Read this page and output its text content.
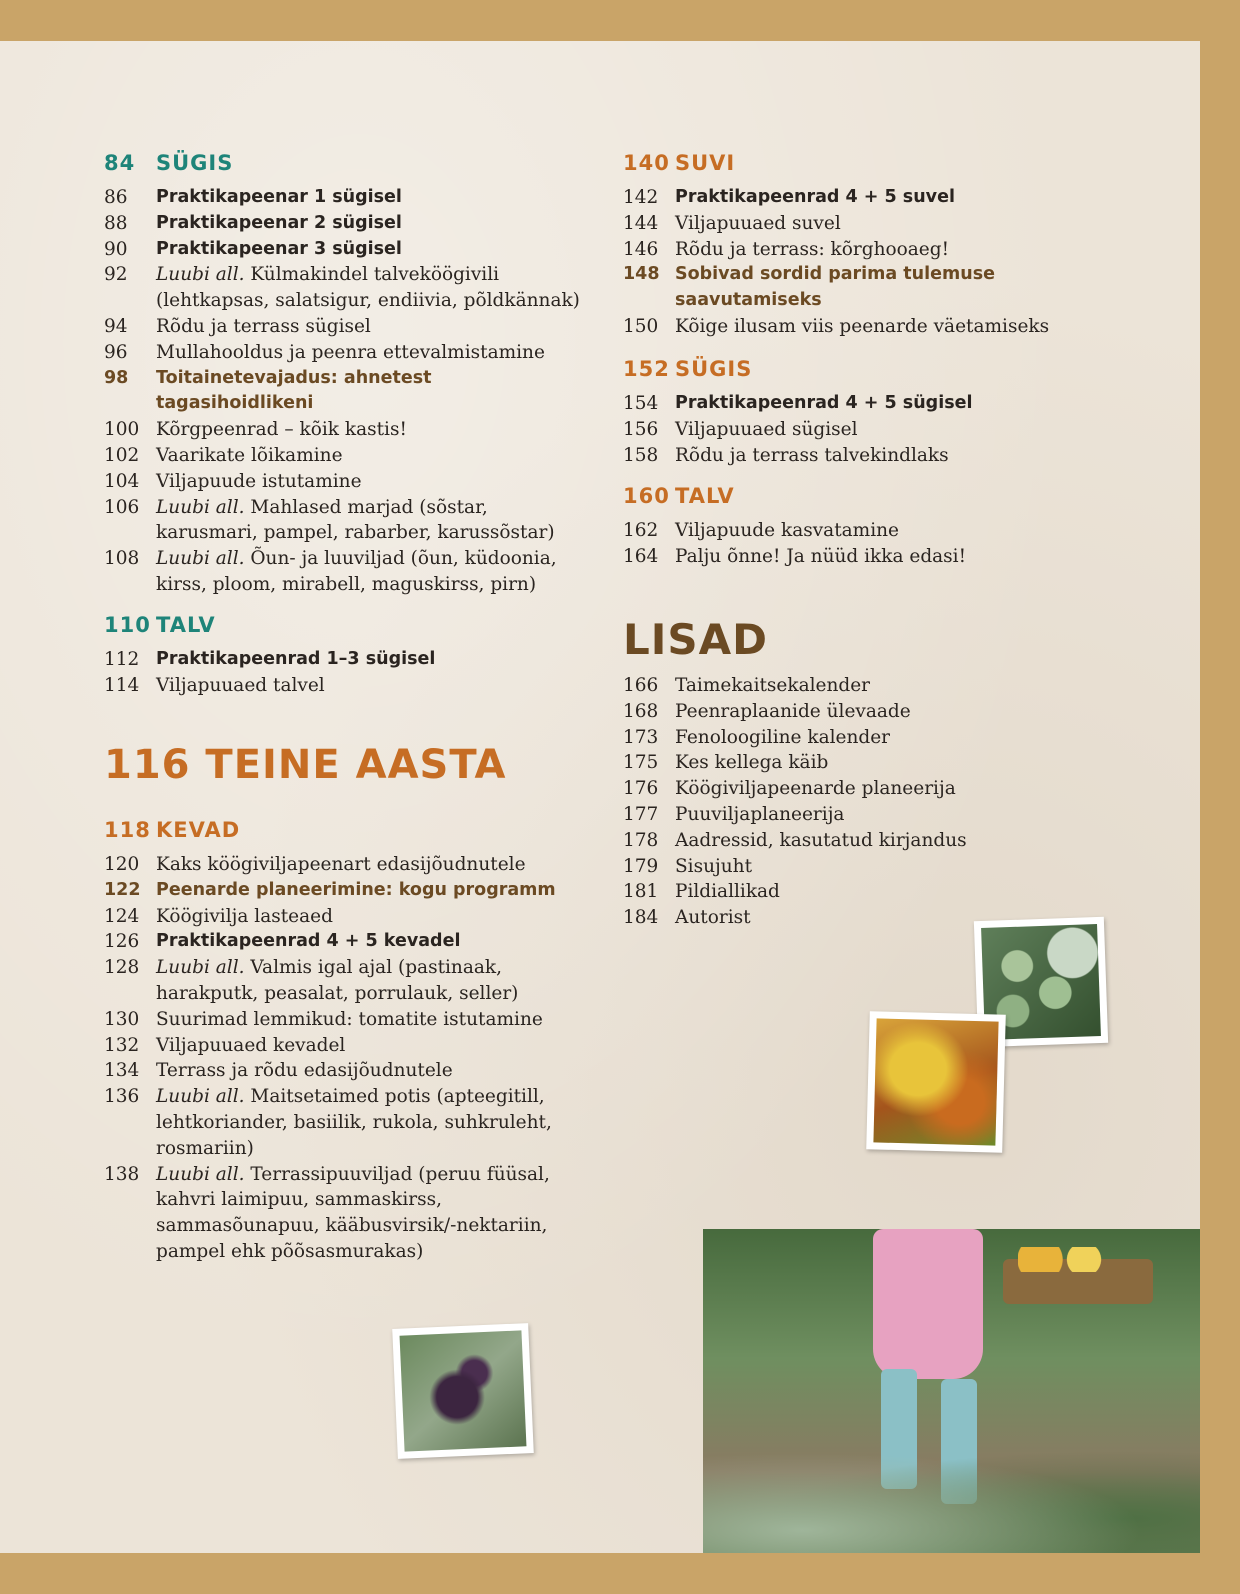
84 SÜGIS
86	Praktikapeenar 1 sügisel
88	Praktikapeenar 2 sügisel
90	Praktikapeenar 3 sügisel
92	Luubi all. Külmakindel talveköögivili (lehtkapsas, salatsigur, endiivia, põldkännak)
94	Rõdu ja terrass sügisel
96	Mullahooldus ja peenra ettevalmistamine
98	Toitainetevajadus: ahnetest tagasihoidlikeni
100 Kõrgpeenrad – kõik kastis!
102 Vaarikate lõikamine
104 Viljapuude istutamine
106 Luubi all. Mahlased marjad (sõstar, karusmari, pampel, rabarber, karussõstar)
108 Luubi all. Õun- ja luuviljad (õun, küdoonia, kirss, ploom, mirabell, maguskirss, pirn)
110 TALV
112 Praktikapeenrad 1–3 sügisel
114 Viljapuuaed talvel
116 TEINE AASTA
118 KEVAD
120 Kaks köögiviljapeenart edasijõudnutele
122 Peenarde planeerimine: kogu programm
124 Köögivilja lasteaed
126 Praktikapeenrad 4 + 5 kevadel
128 Luubi all. Valmis igal ajal (pastinaak, harakputk, peasalat, porrulauk, seller)
130 Suurimad lemmikud: tomatite istutamine
132 Viljapuuaed kevadel
134 Terrass ja rõdu edasijõudnutele
136 Luubi all. Maitsetaimed potis (apteegitill, lehtkoriander, basiilik, rukola, suhkruleht, rosmariin)
138 Luubi all. Terrassipuuviljad (peruu füüsal, kahvri laimipuu, sammaskirss, sammasõunapuu, kääbusvirsik/-nektariin, pampel ehk põõsasmurakas)
140 SUVI
142 Praktikapeenrad 4 + 5 suvel
144 Viljapuuaed suvel
146 Rõdu ja terrass: kõrghooaeg!
148 Sobivad sordid parima tulemuse saavutamiseks
150 Kõige ilusam viis peenarde väetamiseks
152 SÜGIS
154 Praktikapeenrad 4 + 5 sügisel
156 Viljapuuaed sügisel
158 Rõdu ja terrass talvekindlaks
160 TALV
162 Viljapuude kasvatamine
164 Palju õnne! Ja nüüd ikka edasi!
LISAD
166 Taimekaitsekalender
168 Peenraplaanide ülevaade
173 Fenoloogiline kalender
175 Kes kellega käib
176 Köögiviljapeenarde planeerija
177 Puuviljaplaneerija
178 Aadressid, kasutatud kirjandus
179 Sisujuht
181 Pildiallikad
184 Autorist
